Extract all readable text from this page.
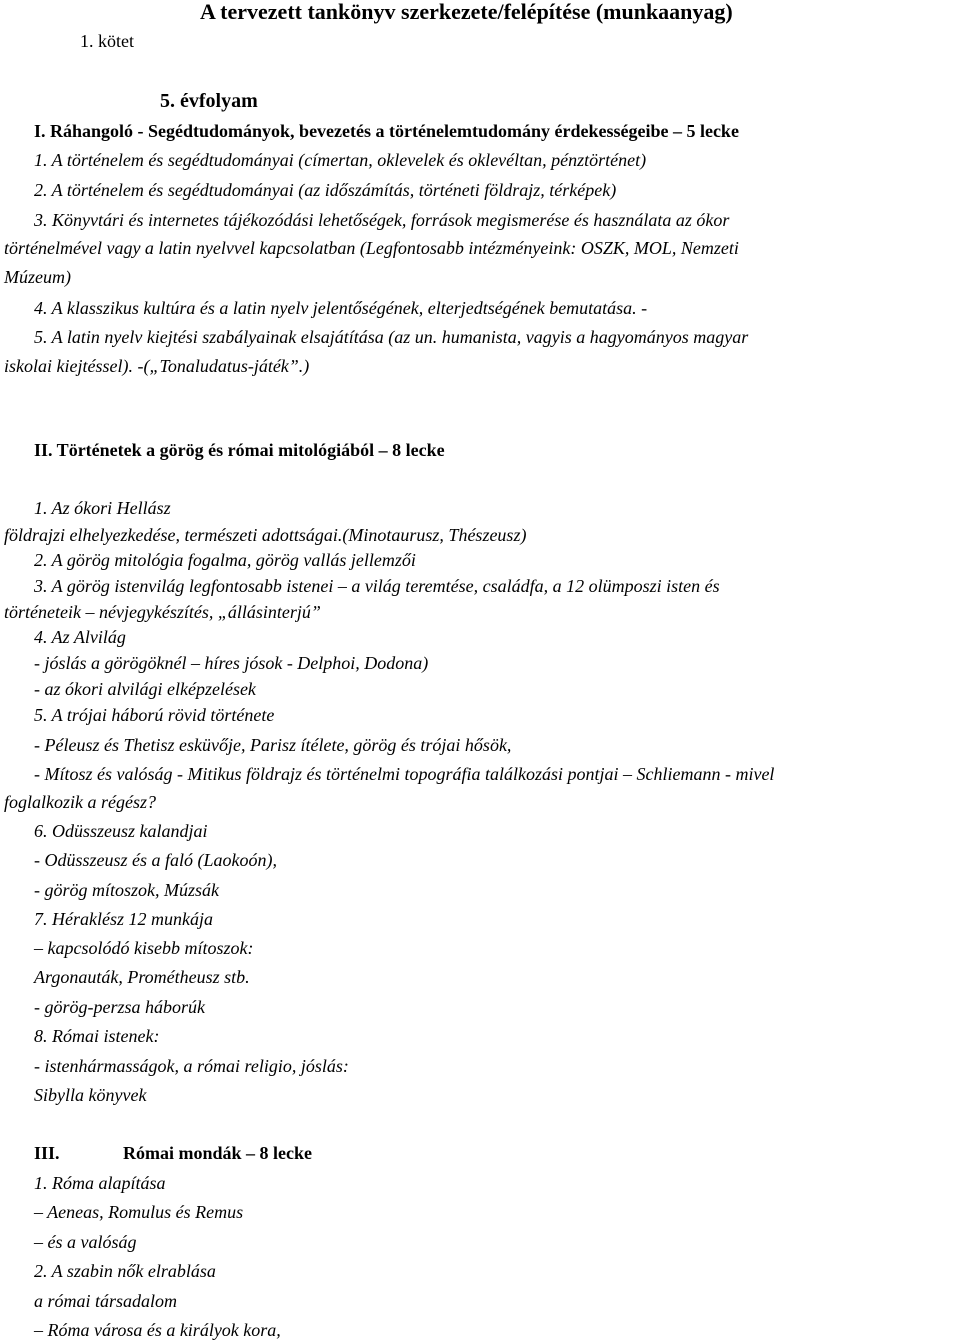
1. kötet
A tervezett tankönyv szerkezete/felépítése (munkaanyag)
5. évfolyam
I. Ráhangoló - Segédtudományok, bevezetés a történelemtudomány érdekességeibe – 5 lecke
1. A történelem és segédtudományai (címertan, oklevelek és oklevéltan, pénztörténet)
2. A történelem és segédtudományai (az időszámítás, történeti földrajz, térképek)
3. Könyvtári és internetes tájékozódási lehetőségek, források megismerése és használata az ókor
történelmével vagy a latin nyelvvel kapcsolatban (Legfontosabb intézményeink: OSZK, MOL, Nemzeti
Múzeum)
4. A klasszikus kultúra és a latin nyelv jelentőségének, elterjedtségének bemutatása. -
5. A latin nyelv kiejtési szabályainak elsajátítása (az un. humanista, vagyis a hagyományos magyar
iskolai kiejtéssel). -(„Tonaludatus-játék”.)
II. Történetek a görög és római mitológiából – 8 lecke
1. Az ókori Hellász
földrajzi elhelyezkedése, természeti adottságai.(Minotaurusz, Thészeusz)
2. A görög mitológia fogalma, görög vallás jellemzői
3. A görög istenvilág legfontosabb istenei – a világ teremtése, családfa, a 12 olümposzi isten és
történeteik – névjegykészítés, „állásinterjú”
4. Az Alvilág
- jóslás a görögöknél – híres jósok - Delphoi, Dodona)
- az ókori alvilági elképzelések
5. A trójai háború rövid története
- Péleusz és Thetisz esküvője, Parisz ítélete, görög és trójai hősök,
- Mítosz és valóság - Mitikus földrajz és történelmi topográfia találkozási pontjai – Schliemann - mivel
foglalkozik a régész?
6. Odüsszeusz kalandjai
- Odüsszeusz és a faló (Laokoón),
- görög mítoszok, Múzsák
7. Héraklész 12 munkája
– kapcsolódó kisebb mítoszok:
Argonauták, Prométheusz stb.
- görög-perzsa háborúk
8. Római istenek:
- istenhármasságok, a római religio, jóslás:
Sibylla könyvek
III.	Római mondák – 8 lecke
1. Róma alapítása
– Aeneas, Romulus és Remus
– és a valóság
2. A szabin nők elrablása
a római társadalom
– Róma városa és a királyok kora,
